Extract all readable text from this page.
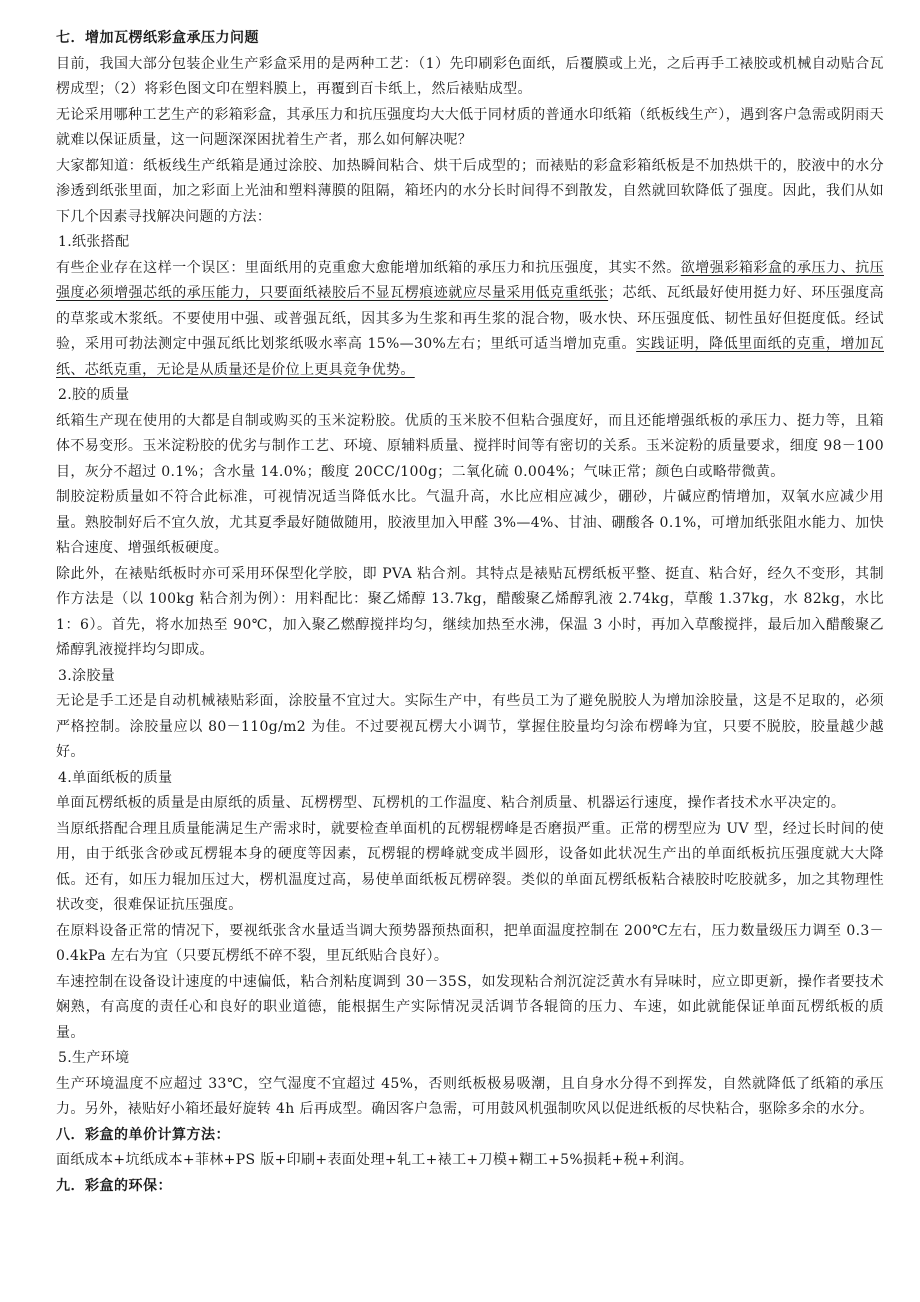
七．增加瓦楞纸彩盒承压力问题

目前，我国大部分包装企业生产彩盒采用的是两种工艺：（1）先印刷彩色面纸，后覆膜或上光，之后再手工裱胶或机械自动贴合瓦楞成型；（2）将彩色图文印在塑料膜上，再覆到百卡纸上，然后裱贴成型。

无论采用哪种工艺生产的彩箱彩盒，其承压力和抗压强度均大大低于同材质的普通水印纸箱（纸板线生产），遇到客户急需或阴雨天就难以保证质量，这一问题深深困扰着生产者，那么如何解决呢？

大家都知道：纸板线生产纸箱是通过涂胶、加热瞬间粘合、烘干后成型的；而裱贴的彩盒彩箱纸板是不加热烘干的，胶液中的水分渗透到纸张里面，加之彩面上光油和塑料薄膜的阻隔，箱坯内的水分长时间得不到散发，自然就回软降低了强度。因此，我们从如下几个因素寻找解决问题的方法：

1.纸张搭配

有些企业存在这样一个误区：里面纸用的克重愈大愈能增加纸箱的承压力和抗压强度，其实不然。欲增强彩箱彩盒的承压力、抗压强度必须增强芯纸的承压能力，只要面纸裱胶后不显瓦楞痕迹就应尽量采用低克重纸张；芯纸、瓦纸最好使用挺力好、环压强度高的草浆或木浆纸。不要使用中强、或普强瓦纸，因其多为生浆和再生浆的混合物，吸水快、环压强度低、韧性虽好但挺度低。经试验，采用可勃法测定中强瓦纸比划浆纸吸水率高 15%—30%左右；里纸可适当增加克重。实践证明，降低里面纸的克重，增加瓦纸、芯纸克重，无论是从质量还是价位上更具竞争优势。

2.胶的质量

纸箱生产现在使用的大都是自制或购买的玉米淀粉胶。优质的玉米胶不但粘合强度好，而且还能增强纸板的承压力、挺力等，且箱体不易变形。玉米淀粉胶的优劣与制作工艺、环境、原辅料质量、搅拌时间等有密切的关系。玉米淀粉的质量要求，细度 98－100 目，灰分不超过 0.1%；含水量 14.0%；酸度 20CC/100g；二氧化硫 0.004%；气味正常；颜色白或略带微黄。

制胶淀粉质量如不符合此标准，可视情况适当降低水比。气温升高，水比应相应减少，硼砂，片碱应酌情增加，双氧水应减少用量。熟胶制好后不宜久放，尤其夏季最好随做随用，胶液里加入甲醛 3%—4%、甘油、硼酸各 0.1%，可增加纸张阻水能力、加快粘合速度、增强纸板硬度。

除此外，在裱贴纸板时亦可采用环保型化学胶，即 PVA 粘合剂。其特点是裱贴瓦楞纸板平整、挺直、粘合好，经久不变形，其制作方法是（以 100kg 粘合剂为例）：用料配比：聚乙烯醇 13.7kg，醋酸聚乙烯醇乳液 2.74kg，草酸 1.37kg，水 82kg，水比 1：6）。首先，将水加热至 90℃，加入聚乙燃醇搅拌均匀，继续加热至水沸，保温 3 小时，再加入草酸搅拌，最后加入醋酸聚乙烯醇乳液搅拌均匀即成。

3.涂胶量

无论是手工还是自动机械裱贴彩面，涂胶量不宜过大。实际生产中，有些员工为了避免脱胶人为增加涂胶量，这是不足取的，必须严格控制。涂胶量应以 80－110g/m2 为佳。不过要视瓦楞大小调节，掌握住胶量均匀涂布楞峰为宜，只要不脱胶，胶量越少越好。

4.单面纸板的质量

单面瓦楞纸板的质量是由原纸的质量、瓦楞楞型、瓦楞机的工作温度、粘合剂质量、机器运行速度，操作者技术水平决定的。

当原纸搭配合理且质量能满足生产需求时，就要检查单面机的瓦楞辊楞峰是否磨损严重。正常的楞型应为 UV 型，经过长时间的使用，由于纸张含砂或瓦楞辊本身的硬度等因素，瓦楞辊的楞峰就变成半圆形，设备如此状况生产出的单面纸板抗压强度就大大降低。还有，如压力辊加压过大，楞机温度过高，易使单面纸板瓦楞碎裂。类似的单面瓦楞纸板粘合裱胶时吃胶就多，加之其物理性状改变，很难保证抗压强度。

在原料设备正常的情况下，要视纸张含水量适当调大预势器预热面积，把单面温度控制在 200℃左右，压力数量级压力调至 0.3－0.4kPa 左右为宜（只要瓦楞纸不碎不裂，里瓦纸贴合良好）。

车速控制在设备设计速度的中速偏低，粘合剂粘度调到 30－35S，如发现粘合剂沉淀泛黄水有异味时，应立即更新，操作者要技术娴熟，有高度的责任心和良好的职业道德，能根据生产实际情况灵活调节各辊筒的压力、车速，如此就能保证单面瓦楞纸板的质量。

5.生产环境

生产环境温度不应超过 33℃，空气湿度不宜超过 45%，否则纸板极易吸潮，且自身水分得不到挥发，自然就降低了纸箱的承压力。另外，裱贴好小箱坯最好旋转 4h 后再成型。确因客户急需，可用鼓风机强制吹风以促进纸板的尽快粘合，驱除多余的水分。

八．彩盒的单价计算方法：

面纸成本+坑纸成本+菲林+PS 版+印刷+表面处理+轧工+裱工+刀模+糊工+5%损耗+税+利润。

九．彩盒的环保：
